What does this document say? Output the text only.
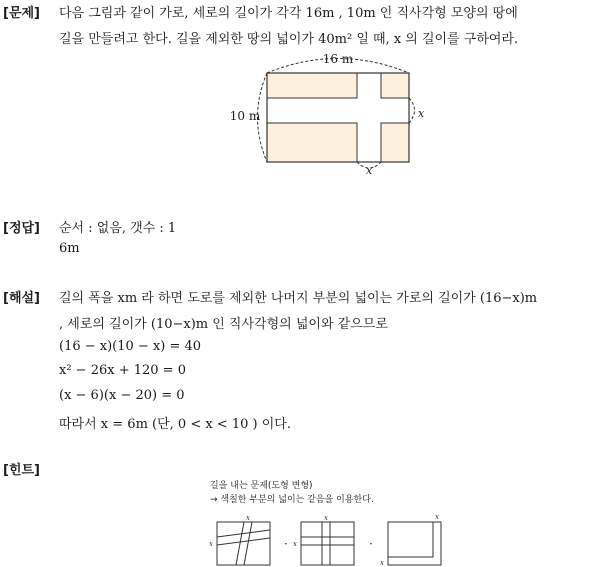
[문제] 다음 그림과 같이 가로, 세로의 길이가 각각 16m , 10m 인 직사각형 모양의 땅에
길을 만들려고 한다. 길을 제외한 땅의 넓이가 40m² 일 때, x 의 길이를 구하여라.
16 m
10 m	x
x
[정답] 순서 : 없음, 갯수 : 1
6m
[해설] 길의 폭을 xm 라 하면 도로를 제외한 나머지 부분의 넓이는 가로의 길이가 (16−x)m
, 세로의 길이가 (10−x)m 인 직사각형의 넓이와 같으므로
(16 − x)(10 − x) = 40
x² − 26x + 120 = 0
(x − 6)(x − 20) = 0
따라서 x = 6m (단, 0 < x < 10 ) 이다.
[힌트]
길을 내는 문제(도형 변형)
→ 색칠한 부분의 넓이는 같음을 이용한다.
x
x	·
x
x	·
x
x
